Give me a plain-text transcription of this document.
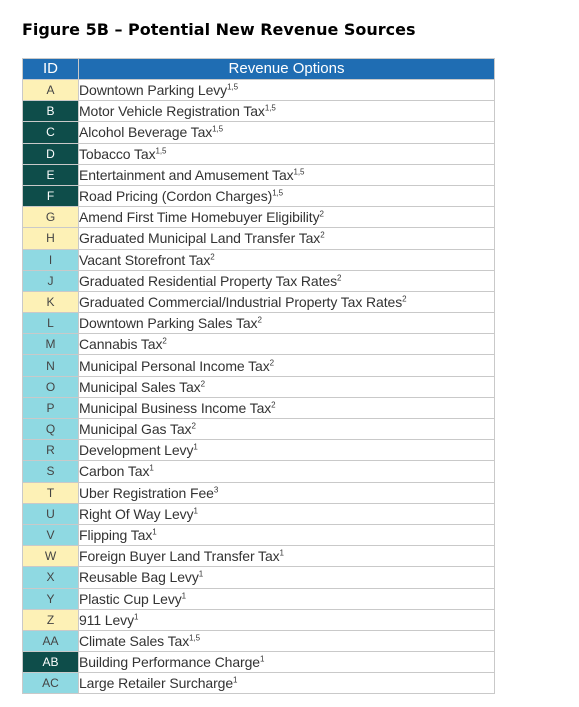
Figure 5B – Potential New Revenue Sources
ID	Revenue Options
A	Downtown Parking Levy$^{1,5}$
B	Motor Vehicle Registration Tax$^{1,5}$
C	Alcohol Beverage Tax$^{1,5}$
D	Tobacco Tax$^{1,5}$
E	Entertainment and Amusement Tax$^{1,5}$
F	Road Pricing (Cordon Charges)$^{1,5}$
G	Amend First Time Homebuyer Eligibility$^2$
H	Graduated Municipal Land Transfer Tax$^2$
I	Vacant Storefront Tax$^2$
J	Graduated Residential Property Tax Rates$^2$
K	Graduated Commercial/Industrial Property Tax Rates$^2$
L	Downtown Parking Sales Tax$^2$
M	Cannabis Tax$^2$
N	Municipal Personal Income Tax$^2$
O	Municipal Sales Tax$^2$
P	Municipal Business Income Tax$^2$
Q	Municipal Gas Tax$^2$
R	Development Levy$^1$
S	Carbon Tax$^1$
T	Uber Registration Fee$^3$
U	Right Of Way Levy$^1$
V	Flipping Tax$^1$
W	Foreign Buyer Land Transfer Tax$^1$
X	Reusable Bag Levy$^1$
Y	Plastic Cup Levy$^1$
Z	911 Levy$^1$
AA	Climate Sales Tax$^{1,5}$
AB	Building Performance Charge$^1$
AC	Large Retailer Surcharge$^1$
